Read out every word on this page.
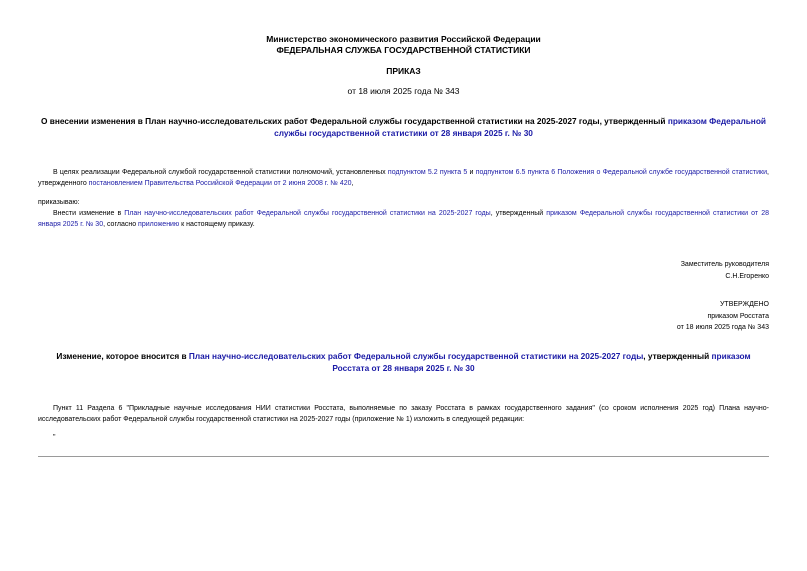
Министерство экономического развития Российской Федерации
ФЕДЕРАЛЬНАЯ СЛУЖБА ГОСУДАРСТВЕННОЙ СТАТИСТИКИ
ПРИКАЗ
от 18 июля 2025 года № 343
О внесении изменения в План научно-исследовательских работ Федеральной службы государственной статистики на 2025-2027 годы, утвержденный приказом Федеральной службы государственной статистики от 28 января 2025 г. № 30
В целях реализации Федеральной службой государственной статистики полномочий, установленных подпунктом 5.2 пункта 5 и подпунктом 6.5 пункта 6 Положения о Федеральной службе государственной статистики, утвержденного постановлением Правительства Российской Федерации от 2 июня 2008 г. № 420,
приказываю:
Внести изменение в План научно-исследовательских работ Федеральной службы государственной статистики на 2025-2027 годы, утвержденный приказом Федеральной службы государственной статистики от 28 января 2025 г. № 30, согласно приложению к настоящему приказу.
Заместитель руководителя
С.Н.Егоренко
УТВЕРЖДЕНО
приказом Росстата
от 18 июля 2025 года № 343
Изменение, которое вносится в План научно-исследовательских работ Федеральной службы государственной статистики на 2025-2027 годы, утвержденный приказом Росстата от 28 января 2025 г. № 30
Пункт 11 Раздела 6 "Прикладные научные исследования НИИ статистики Росстата, выполняемые по заказу Росстата в рамках государственного задания" (со сроком исполнения 2025 год) Плана научно-исследовательских работ Федеральной службы государственной статистики на 2025-2027 годы (приложение № 1) изложить в следующей редакции:
"
